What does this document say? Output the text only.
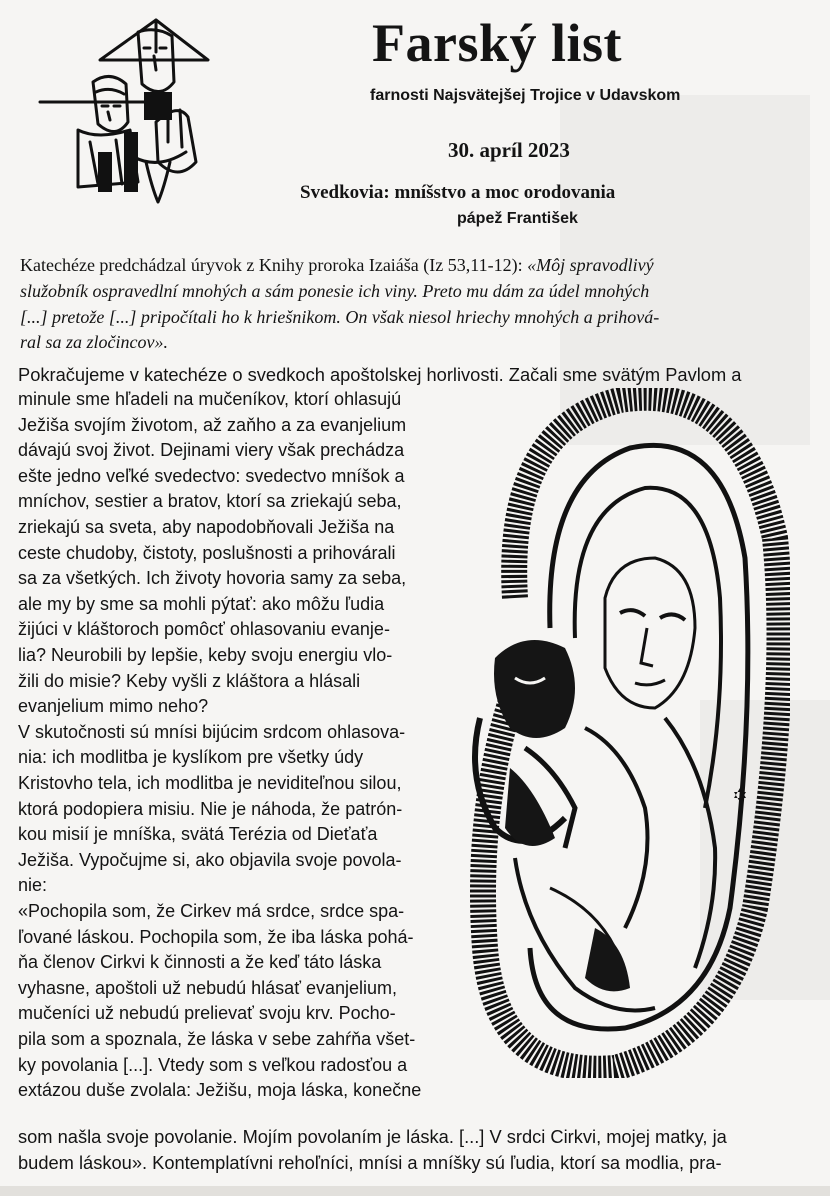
Farský list
farnosti Najsvätejšej Trojice v Udavskom
30. apríl 2023
Svedkovia: mníšstvo a moc orodovania
pápež František
Katechéze predchádzal úryvok z Knihy proroka Izaiáša (Iz 53,11-12): «Môj spravodlivý
služobník ospravedlní mnohých a sám ponesie ich viny. Preto mu dám za údel mnohých
[...] pretože [...] pripočítali ho k hriešnikom. On však niesol hriechy mnohých a prihová-
ral sa za zločincov».
Pokračujeme v katechéze o svedkoch apoštolskej horlivosti. Začali sme svätým Pavlom a
minule sme hľadeli na mučeníkov, ktorí ohlasujú
Ježiša svojím životom, až zaňho a za evanjelium
dávajú svoj život. Dejinami viery však prechádza
ešte jedno veľké svedectvo: svedectvo mníšok a
mníchov, sestier a bratov, ktorí sa zriekajú seba,
zriekajú sa sveta, aby napodobňovali Ježiša na
ceste chudoby, čistoty, poslušnosti a prihovárali
sa za všetkých. Ich životy hovoria samy za seba,
ale my by sme sa mohli pýtať: ako môžu ľudia
žijúci v kláštoroch pomôcť ohlasovaniu evanje-
lia? Neurobili by lepšie, keby svoju energiu vlo-
žili do misie? Keby vyšli z kláštora a hlásali
evanjelium mimo neho?
V skutočnosti sú mnísi bijúcim srdcom ohlasova-
nia: ich modlitba je kyslíkom pre všetky údy
Kristovho tela, ich modlitba je neviditeľnou silou,
ktorá podopiera misiu. Nie je náhoda, že patrón-
kou misií je mníška, svätá Terézia od Dieťaťa
Ježiša. Vypočujme si, ako objavila svoje povola-
nie:
«Pochopila som, že Cirkev má srdce, srdce spa-
ľované láskou. Pochopila som, že iba láska pohá-
ňa členov Cirkvi k činnosti a že keď táto láska
vyhasne, apoštoli už nebudú hlásať evanjelium,
mučeníci už nebudú prelievať svoju krv. Pocho-
pila som a spoznala, že láska v sebe zahŕňa všet-
ky povolania [...]. Vtedy som s veľkou radosťou a
extázou duše zvolala: Ježišu, moja láska, konečne
som našla svoje povolanie. Mojím povolaním je láska. [...] V srdci Cirkvi, mojej matky, ja
budem láskou». Kontemplatívni rehoľníci, mnísi a mníšky sú ľudia, ktorí sa modlia, pra-
